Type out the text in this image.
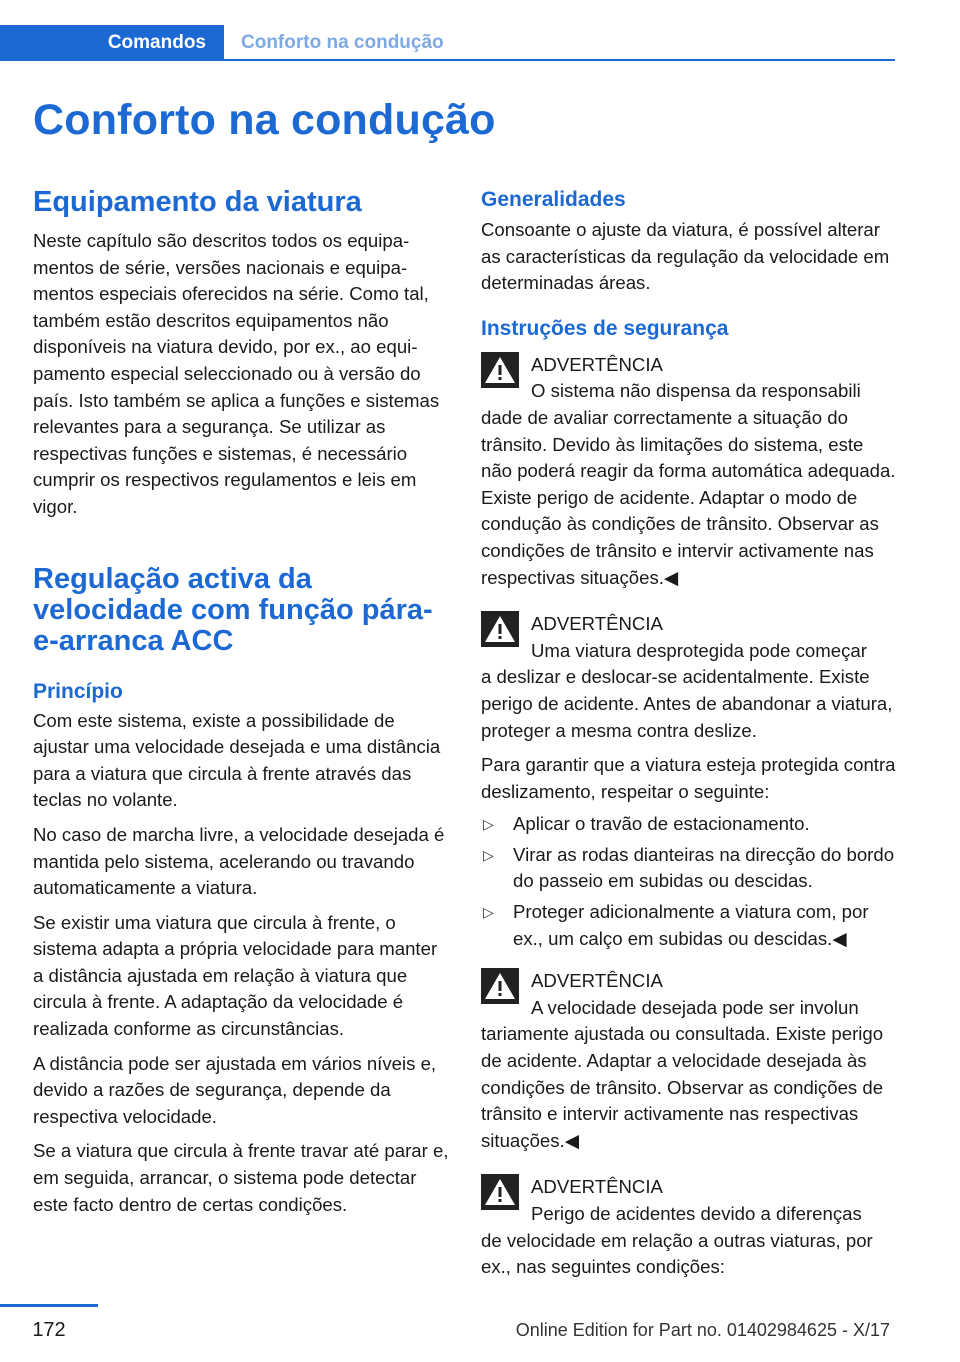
Comandos	Conforto na condução
Conforto na condução
Equipamento da viatura

Neste capítulo são descritos todos os equipamentos de série, versões nacionais e equipamentos especiais oferecidos na série. Como tal, também estão descritos equipamentos não disponíveis na viatura devido, por ex., ao equipamento especial seleccionado ou à versão do país. Isto também se aplica a funções e sistemas relevantes para a segurança. Se utilizar as respectivas funções e sistemas, é necessário cumprir os respectivos regulamentos e leis em vigor.

Regulação activa da velocidade com função pára-e-arranca ACC
Princípio

Com este sistema, existe a possibilidade de ajustar uma velocidade desejada e uma distância para a viatura que circula à frente através das teclas no volante.

No caso de marcha livre, a velocidade desejada é mantida pelo sistema, acelerando ou travando automaticamente a viatura.

Se existir uma viatura que circula à frente, o sistema adapta a própria velocidade para manter a distância ajustada em relação à viatura que circula à frente. A adaptação da velocidade é realizada conforme as circunstâncias.

A distância pode ser ajustada em vários níveis e, devido a razões de segurança, depende da respectiva velocidade.

Se a viatura que circula à frente travar até parar e, em seguida, arrancar, o sistema pode detectar este facto dentro de certas condições.

Generalidades

Consoante o ajuste da viatura, é possível alterar as características da regulação da velocidade em determinadas áreas.

Instruções de segurança
ADVERTÊNCIA
O sistema não dispensa da responsabili
dade de avaliar correctamente a situação do trânsito. Devido às limitações do sistema, este não poderá reagir da forma automática adequada. Existe perigo de acidente. Adaptar o modo de condução às condições de trânsito. Observar as condições de trânsito e intervir activamente nas respectivas situações.◀
ADVERTÊNCIA
Uma viatura desprotegida pode começar
a deslizar e deslocar-se acidentalmente. Existe perigo de acidente. Antes de abandonar a viatura, proteger a mesma contra deslize.

Para garantir que a viatura esteja protegida contra deslizamento, respeitar o seguinte:

▷ Aplicar o travão de estacionamento.
▷ Virar as rodas dianteiras na direcção do bordo do passeio em subidas ou descidas.
▷ Proteger adicionalmente a viatura com, por ex., um calço em subidas ou descidas.◀
ADVERTÊNCIA
A velocidade desejada pode ser involun
tariamente ajustada ou consultada. Existe perigo de acidente. Adaptar a velocidade desejada às condições de trânsito. Observar as condições de trânsito e intervir activamente nas respectivas situações.◀
ADVERTÊNCIA
Perigo de acidentes devido a diferenças
de velocidade em relação a outras viaturas, por ex., nas seguintes condições:
172	Online Edition for Part no. 01402984625 - X/17
